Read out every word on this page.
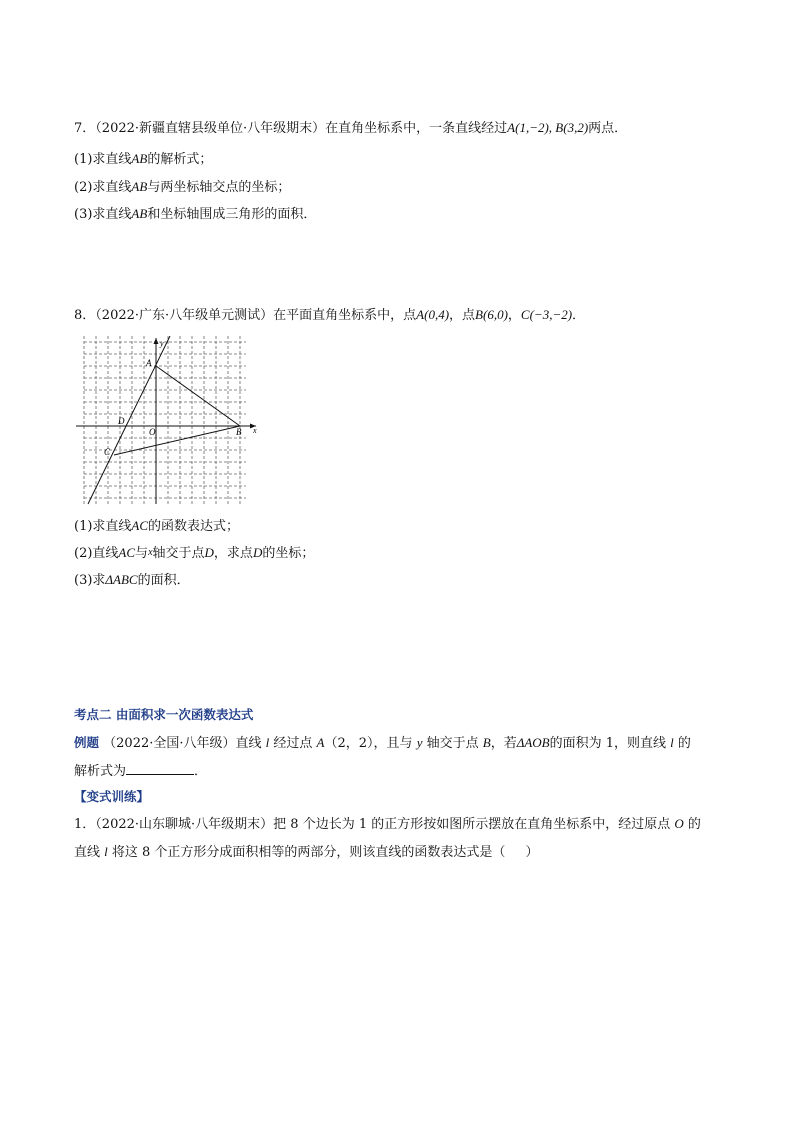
7．（2022·新疆直辖县级单位·八年级期末）在直角坐标系中，一条直线经过A(1,−2), B(3,2)两点．
(1)求直线AB的解析式；
(2)求直线AB与两坐标轴交点的坐标；
(3)求直线AB和坐标轴围成三角形的面积．
8．（2022·广东·八年级单元测试）在平面直角坐标系中，点A(0,4)，点B(6,0)，C(−3,−2)．
A
B
C
D
O	x
y
(1)求直线AC的函数表达式；
(2)直线AC与x轴交于点D，求点D的坐标；
(3)求ΔABC的面积．
考点二 由面积求一次函数表达式
例题 （2022·全国·八年级）直线 l 经过点 A（2，2），且与 y 轴交于点 B，若ΔAOB的面积为 1，则直线 l 的
解析式为	．
【变式训练】
1．（2022·山东聊城·八年级期末）把 8 个边长为 1 的正方形按如图所示摆放在直角坐标系中，经过原点 O 的
直线 l 将这 8 个正方形分成面积相等的两部分，则该直线的函数表达式是（ ）
